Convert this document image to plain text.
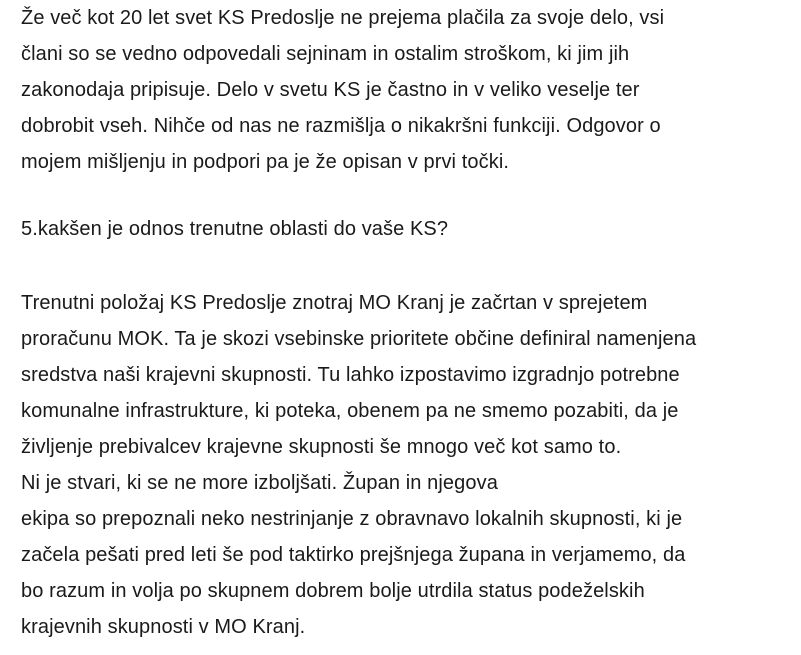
Že več kot 20 let svet KS Predoslje ne prejema plačila za svoje delo, vsi
člani so se vedno odpovedali sejninam in ostalim stroškom, ki jim jih
zakonodaja pripisuje. Delo v svetu KS je častno in v veliko veselje ter
dobrobit vseh. Nihče od nas ne razmišlja o nikakršni funkciji. Odgovor o
mojem mišljenju in podpori pa je že opisan v prvi točki.
5.kakšen je odnos trenutne oblasti do vaše KS?
Trenutni položaj KS Predoslje znotraj MO Kranj je začrtan v sprejetem
proračunu MOK. Ta je skozi vsebinske prioritete občine definiral namenjena
sredstva naši krajevni skupnosti. Tu lahko izpostavimo izgradnjo potrebne
komunalne infrastrukture, ki poteka, obenem pa ne smemo pozabiti, da je
življenje prebivalcev krajevne skupnosti še mnogo več kot samo to.
Ni je stvari, ki se ne more izboljšati. Župan in njegova
ekipa so prepoznali neko nestrinjanje z obravnavo lokalnih skupnosti, ki je
začela pešati pred leti še pod taktirko prejšnjega župana in verjamemo, da
bo razum in volja po skupnem dobrem bolje utrdila status podeželskih
krajevnih skupnosti v MO Kranj.
